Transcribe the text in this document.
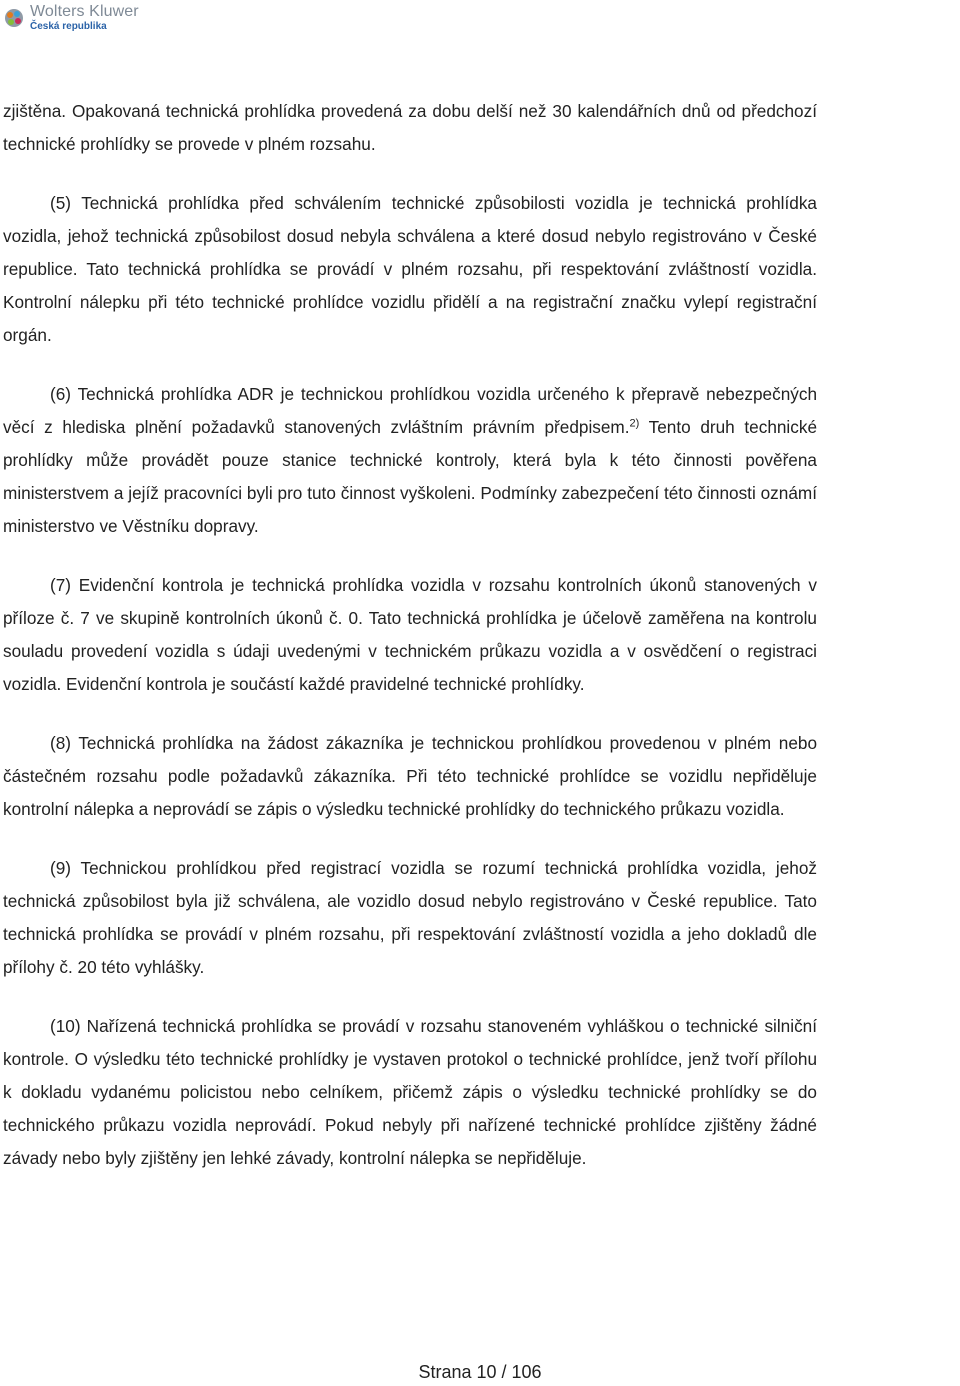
Wolters Kluwer
Česká republika

zjištěna. Opakovaná technická prohlídka provedená za dobu delší než 30 kalendářních dnů od předchozí technické prohlídky se provede v plném rozsahu.

(5) Technická prohlídka před schválením technické způsobilosti vozidla je technická prohlídka vozidla, jehož technická způsobilost dosud nebyla schválena a které dosud nebylo registrováno v České republice. Tato technická prohlídka se provádí v plném rozsahu, při respektování zvláštností vozidla. Kontrolní nálepku při této technické prohlídce vozidlu přidělí a na registrační značku vylepí registrační orgán.

(6) Technická prohlídka ADR je technickou prohlídkou vozidla určeného k přepravě nebezpečných věcí z hlediska plnění požadavků stanovených zvláštním právním předpisem.$^{2)}$ Tento druh technické prohlídky může provádět pouze stanice technické kontroly, která byla k této činnosti pověřena ministerstvem a jejíž pracovníci byli pro tuto činnost vyškoleni. Podmínky zabezpečení této činnosti oznámí ministerstvo ve Věstníku dopravy.

(7) Evidenční kontrola je technická prohlídka vozidla v rozsahu kontrolních úkonů stanovených v příloze č. 7 ve skupině kontrolních úkonů č. 0. Tato technická prohlídka je účelově zaměřena na kontrolu souladu provedení vozidla s údaji uvedenými v technickém průkazu vozidla a v osvědčení o registraci vozidla. Evidenční kontrola je součástí každé pravidelné technické prohlídky.

(8) Technická prohlídka na žádost zákazníka je technickou prohlídkou provedenou v plném nebo částečném rozsahu podle požadavků zákazníka. Při této technické prohlídce se vozidlu nepřiděluje kontrolní nálepka a neprovádí se zápis o výsledku technické prohlídky do technického průkazu vozidla.

(9) Technickou prohlídkou před registrací vozidla se rozumí technická prohlídka vozidla, jehož technická způsobilost byla již schválena, ale vozidlo dosud nebylo registrováno v České republice. Tato technická prohlídka se provádí v plném rozsahu, při respektování zvláštností vozidla a jeho dokladů dle přílohy č. 20 této vyhlášky.

(10) Nařízená technická prohlídka se provádí v rozsahu stanoveném vyhláškou o technické silniční kontrole. O výsledku této technické prohlídky je vystaven protokol o technické prohlídce, jenž tvoří přílohu k dokladu vydanému policistou nebo celníkem, přičemž zápis o výsledku technické prohlídky se do technického průkazu vozidla neprovádí. Pokud nebyly při nařízené technické prohlídce zjištěny žádné závady nebo byly zjištěny jen lehké závady, kontrolní nálepka se nepřiděluje.

Strana 10 / 106
